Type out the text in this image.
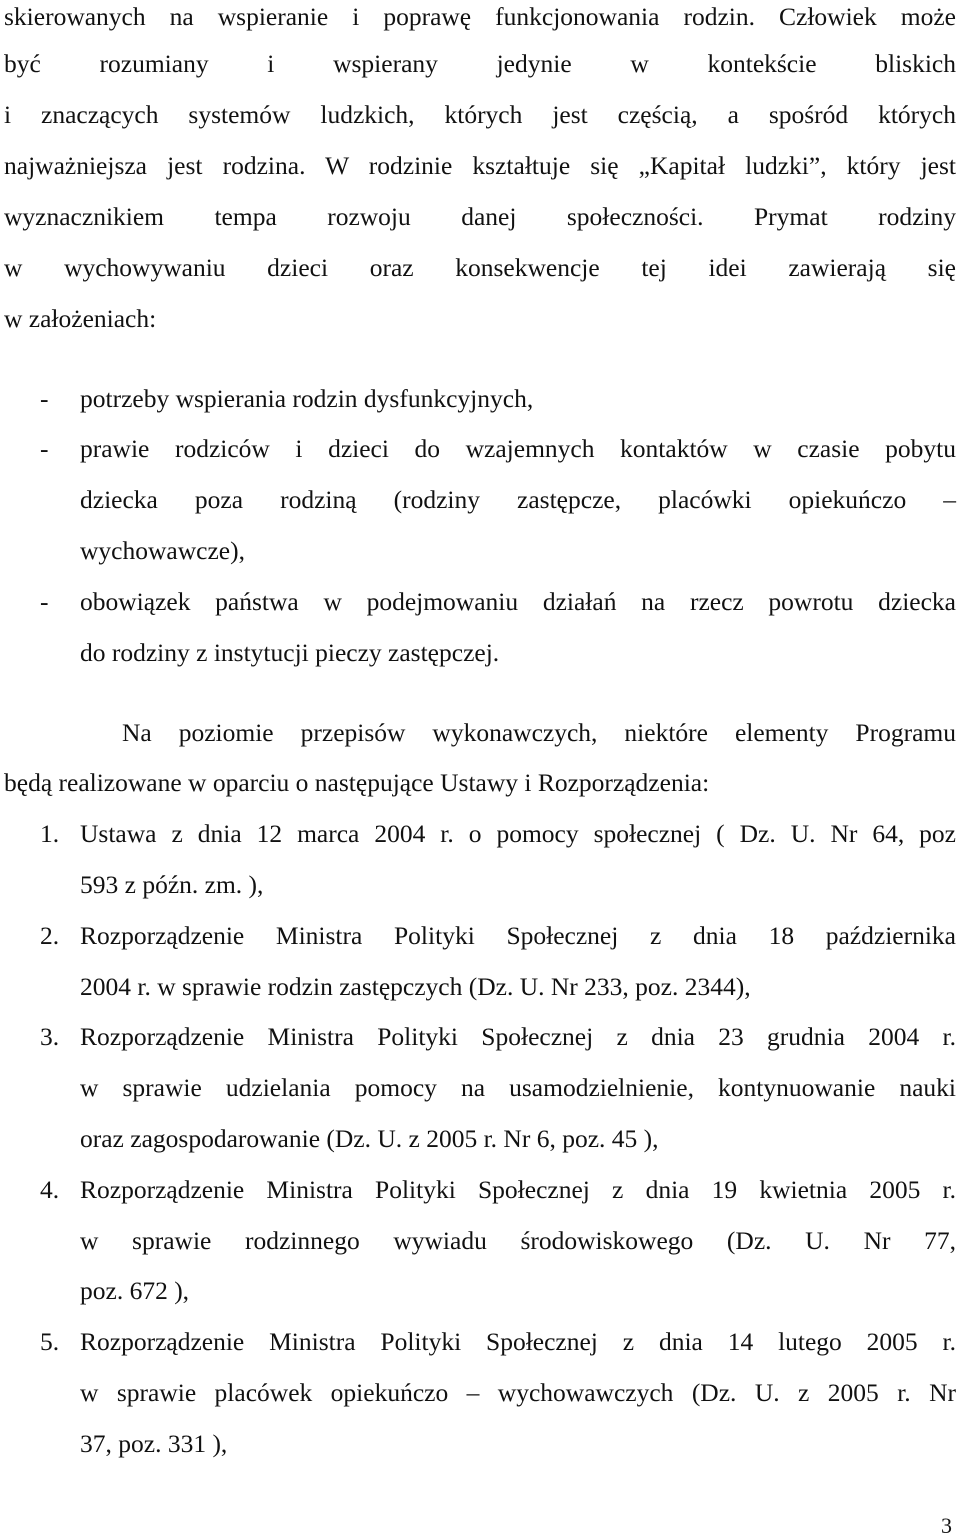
skierowanych na wspieranie i poprawę funkcjonowania rodzin. Człowiek może
być rozumiany i wspierany jedynie w kontekście bliskich
i znaczących systemów ludzkich, których jest częścią, a spośród których
najważniejsza jest rodzina. W rodzinie kształtuje się „Kapitał ludzki”, który jest
wyznacznikiem tempa rozwoju danej społeczności. Prymat rodziny
w wychowywaniu dzieci oraz konsekwencje tej idei zawierają się
w założeniach:
- potrzeby wspierania rodzin dysfunkcyjnych,
- prawie rodziców i dzieci do wzajemnych kontaktów w czasie pobytu
dziecka poza rodziną (rodziny zastępcze, placówki opiekuńczo –
wychowawcze),
- obowiązek państwa w podejmowaniu działań na rzecz powrotu dziecka
do rodziny z instytucji pieczy zastępczej.
Na poziomie przepisów wykonawczych, niektóre elementy Programu
będą realizowane w oparciu o następujące Ustawy i Rozporządzenia:
1. Ustawa z dnia 12 marca 2004 r. o pomocy społecznej ( Dz. U. Nr 64, poz
593 z późn. zm. ),
2. Rozporządzenie Ministra Polityki Społecznej z dnia 18 października
2004 r. w sprawie rodzin zastępczych (Dz. U. Nr 233, poz. 2344),
3. Rozporządzenie Ministra Polityki Społecznej z dnia 23 grudnia 2004 r.
w sprawie udzielania pomocy na usamodzielnienie, kontynuowanie nauki
oraz zagospodarowanie (Dz. U. z 2005 r. Nr 6, poz. 45 ),
4. Rozporządzenie Ministra Polityki Społecznej z dnia 19 kwietnia 2005 r.
w sprawie rodzinnego wywiadu środowiskowego (Dz. U. Nr 77,
poz. 672 ),
5. Rozporządzenie Ministra Polityki Społecznej z dnia 14 lutego 2005 r.
w sprawie placówek opiekuńczo – wychowawczych (Dz. U. z 2005 r. Nr
37, poz. 331 ),
3
